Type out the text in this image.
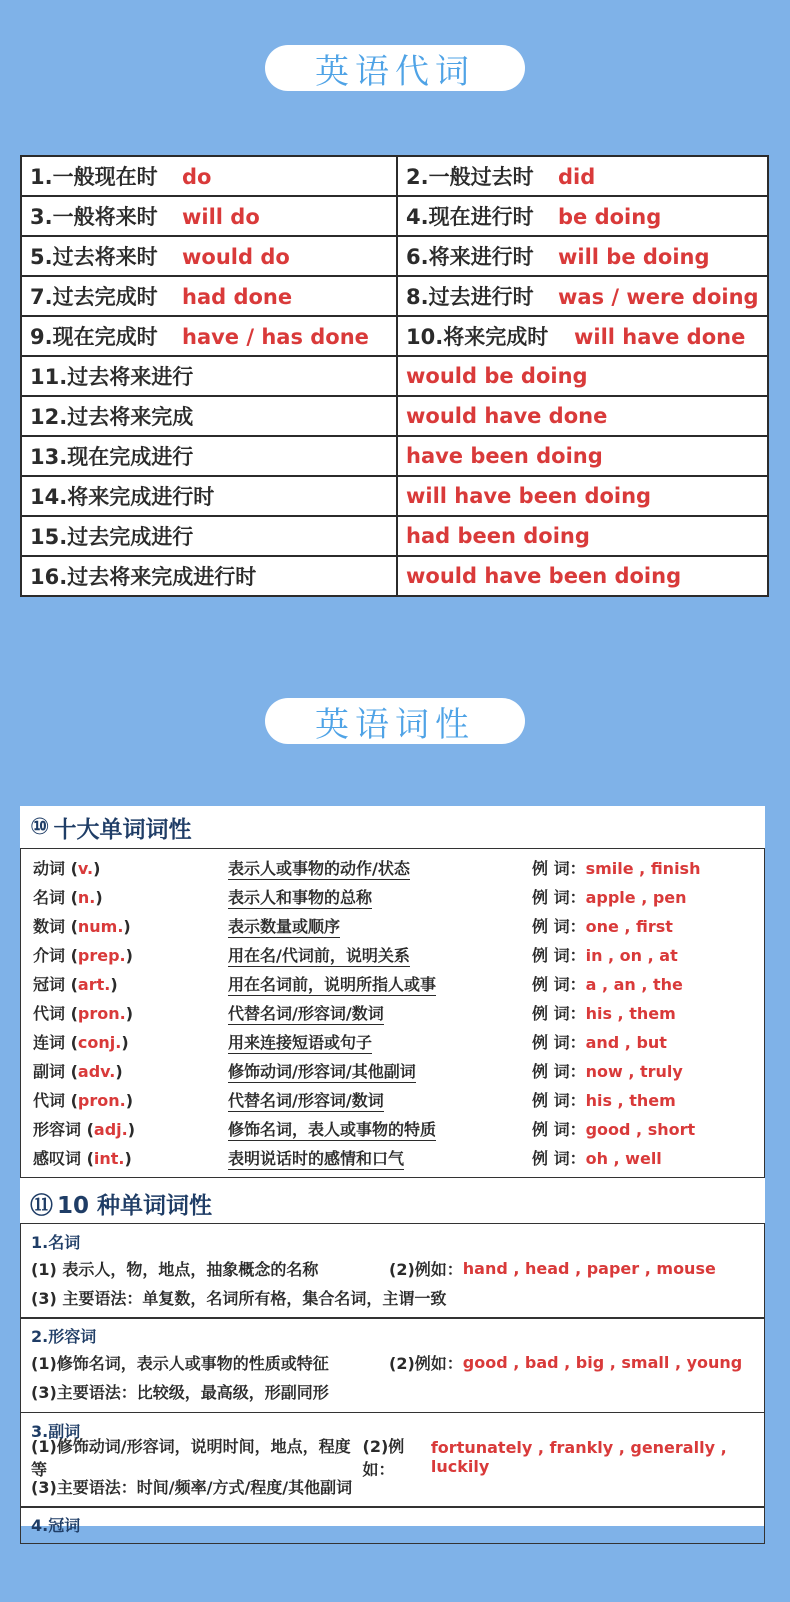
英语代词
1.一般现在时 do	2.一般过去时 did
3.一般将来时 will do	4.现在进行时 be doing
5.过去将来时 would do	6.将来进行时 will be doing
7.过去完成时 had done	8.过去进行时 was / were doing
9.现在完成时 have / has done	10.将来完成时 will have done
11.过去将来进行	would be doing
12.过去将来完成	would have done
13.现在完成进行	have been doing
14.将来完成进行时	will have been doing
15.过去完成进行	had been doing
16.过去将来完成进行时	would have been doing
英语词性
⑩ 十大单词词性
动词 (v.)	表示人或事物的动作/状态	例 词：smile , finish
名词 (n.)	表示人和事物的总称	例 词：apple , pen
数词 (num.)	表示数量或顺序	例 词：one , first
介词 (prep.)	用在名/代词前，说明关系	例 词：in , on , at
冠词 (art.)	用在名词前，说明所指人或事	例 词：a , an , the
代词 (pron.)	代替名词/形容词/数词	例 词：his , them
连词 (conj.)	用来连接短语或句子	例 词：and , but
副词 (adv.)	修饰动词/形容词/其他副词	例 词：now , truly
代词 (pron.)	代替名词/形容词/数词	例 词：his , them
形容词 (adj.)	修饰名词，表人或事物的特质	例 词：good , short
感叹词 (int.)	表明说话时的感情和口气	例 词：oh , well
⑪ 10 种单词词性
1.名词
(1) 表示人，物，地点，抽象概念的名称	(2)例如： hand , head , paper , mouse
(3) 主要语法：单复数，名词所有格，集合名词，主谓一致
2.形容词
(1)修饰名词，表示人或事物的性质或特征	(2)例如： good , bad , big , small , young
(3)主要语法：比较级，最高级，形副同形
3.副词
(1)修饰动词/形容词，说明时间，地点，程度等
(2)例如：
fortunately , frankly , generally , luckily
(3)主要语法：时间/频率/方式/程度/其他副词
4.冠词
